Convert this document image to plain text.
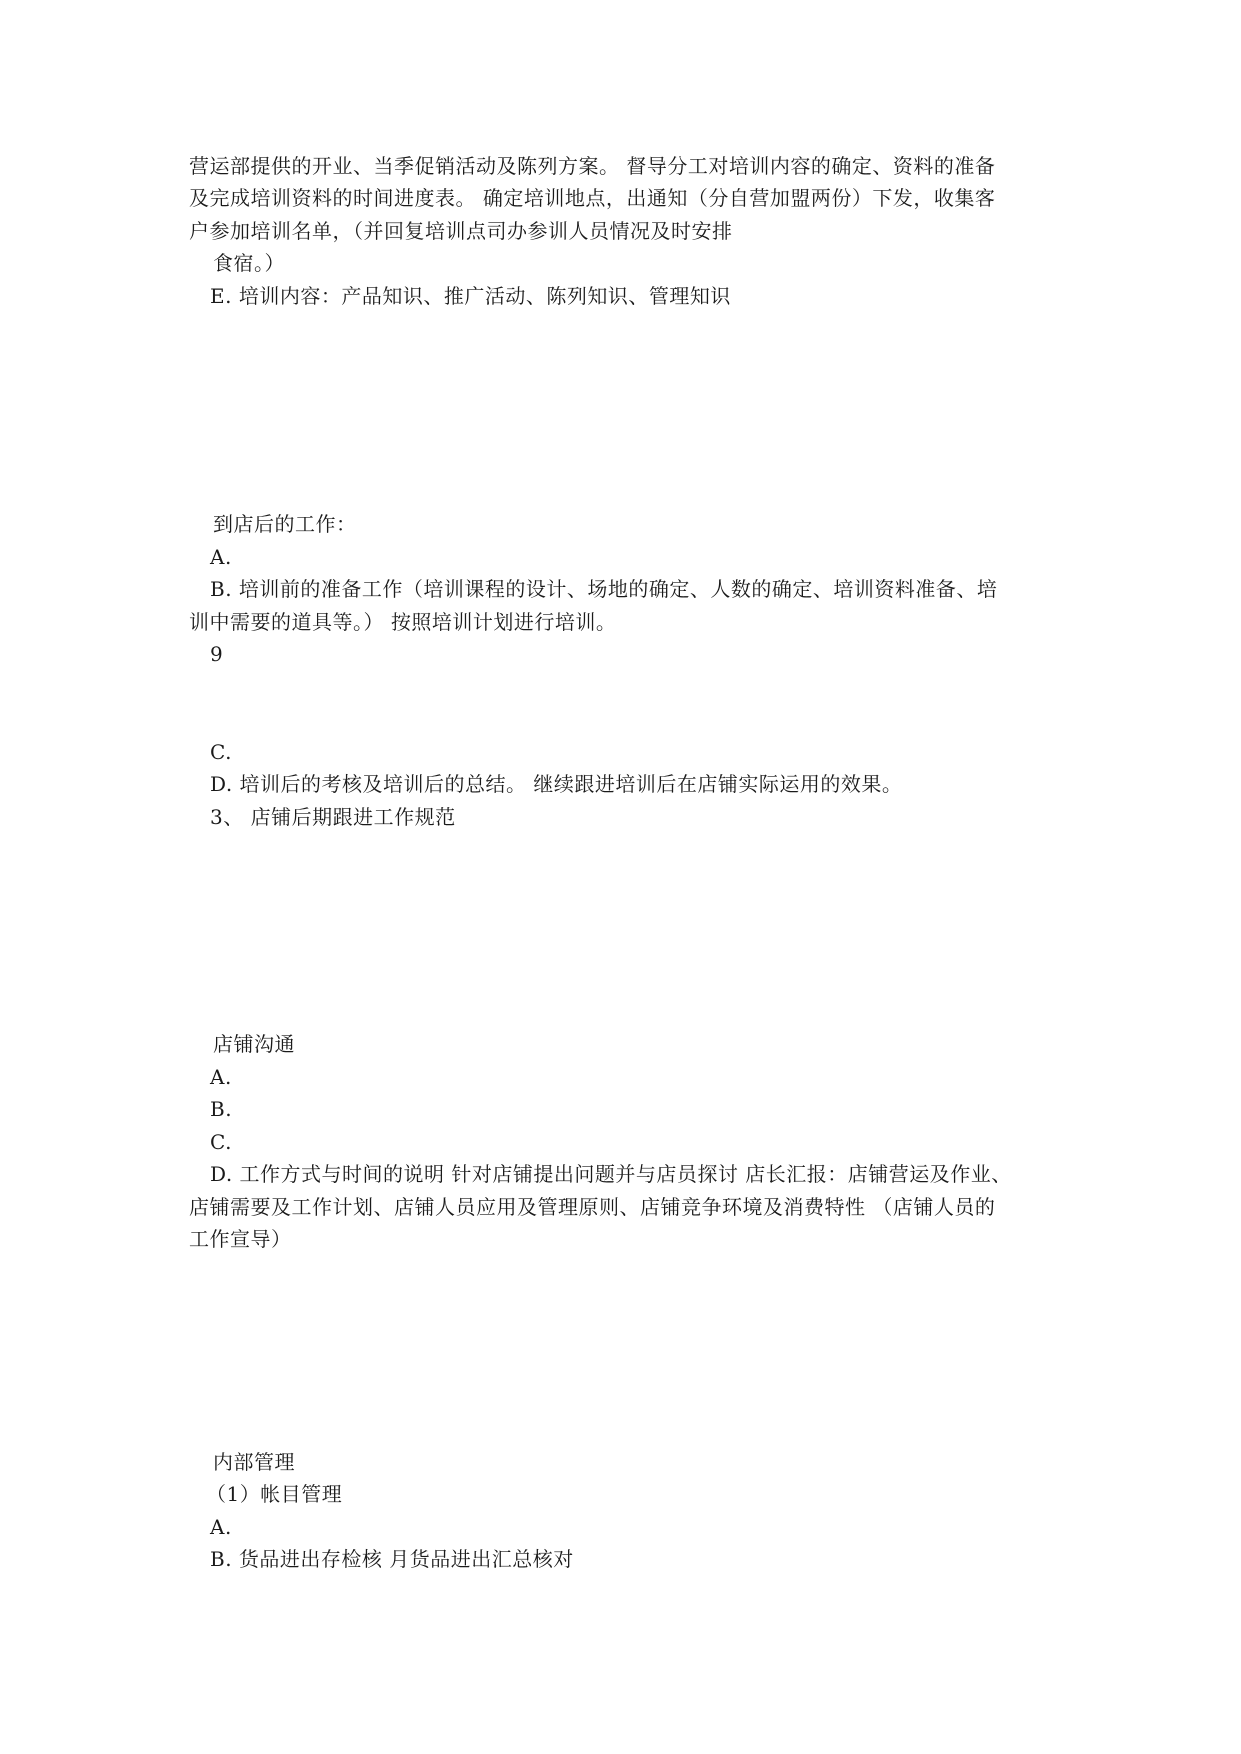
营运部提供的开业、当季促销活动及陈列方案。 督导分工对培训内容的确定、资料的准备
及完成培训资料的时间进度表。 确定培训地点，出通知（分自营加盟两份）下发，收集客
户参加培训名单，（并回复培训点司办参训人员情况及时安排
食宿。）
E. 培训内容：产品知识、推广活动、陈列知识、管理知识
到店后的工作：
A.
B. 培训前的准备工作（培训课程的设计、场地的确定、人数的确定、培训资料准备、培
训中需要的道具等。） 按照培训计划进行培训。
9
C.
D. 培训后的考核及培训后的总结。 继续跟进培训后在店铺实际运用的效果。
3、 店铺后期跟进工作规范
店铺沟通
A.
B.
C.
D. 工作方式与时间的说明 针对店铺提出问题并与店员探讨 店长汇报：店铺营运及作业、
店铺需要及工作计划、店铺人员应用及管理原则、店铺竞争环境及消费特性 （店铺人员的
工作宣导）
内部管理
（1）帐目管理
A.
B. 货品进出存检核 月货品进出汇总核对
